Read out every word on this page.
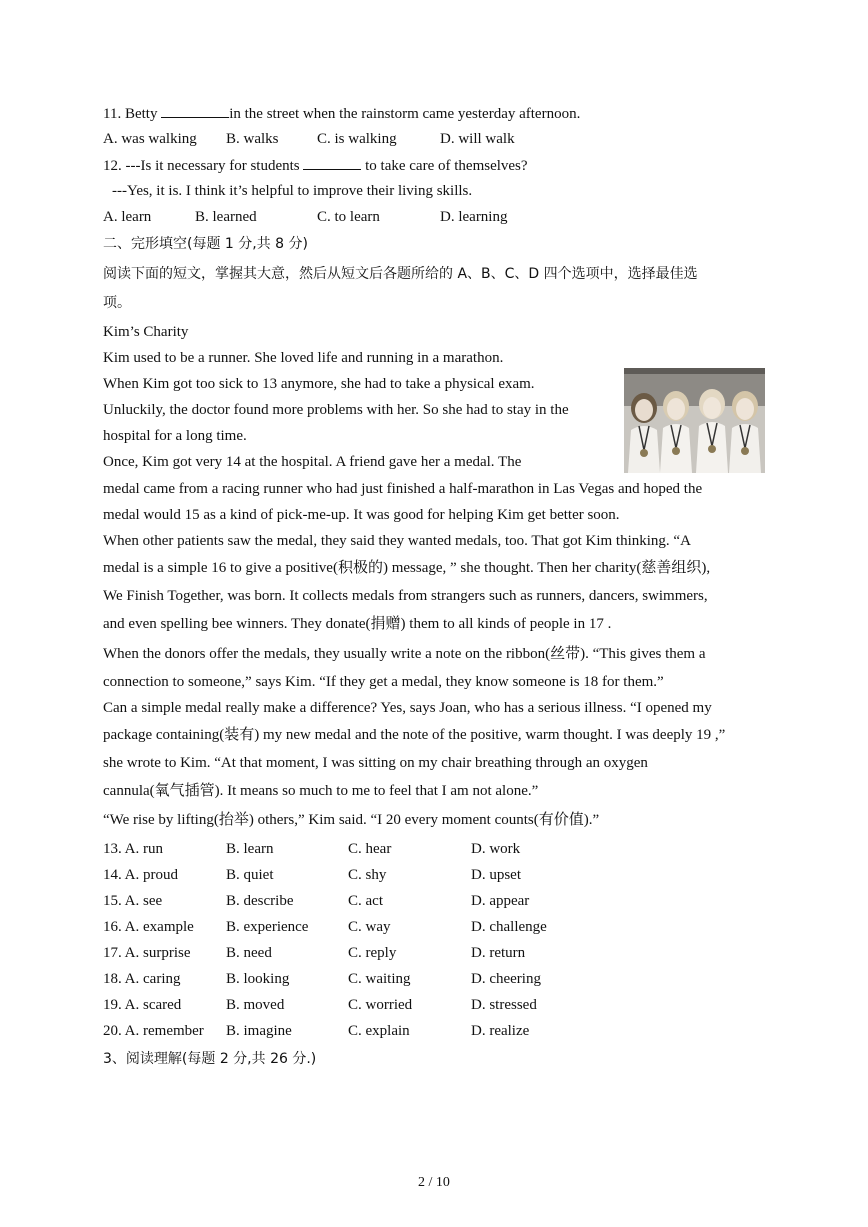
11. Betty	in the street when the rainstorm came yesterday afternoon.
A. was walking B. walks	C. is walking	D. will walk
12. ---Is it necessary for students	to take care of themselves?
---Yes, it is. I think it’s helpful to improve their living skills.
A. learn	B. learned	C. to learn	D. learning
二、完形填空(每题 1 分,共 8 分)
阅读下面的短文，掌握其大意，然后从短文后各题所给的 A、B、C、D 四个选项中，选择最佳选
项。
Kim’s Charity
Kim used to be a runner. She loved life and running in a marathon.
When Kim got too sick to 13 anymore, she had to take a physical exam.
Unluckily, the doctor found more problems with her. So she had to stay in the
hospital for a long time.
Once, Kim got very 14 at the hospital. A friend gave her a medal. The
medal came from a racing runner who had just finished a half-marathon in Las Vegas and hoped the
medal would 15 as a kind of pick-me-up. It was good for helping Kim get better soon.
When other patients saw the medal, they said they wanted medals, too. That got Kim thinking. “A
medal is a simple 16 to give a positive(积极的) message, ” she thought. Then her charity(慈善组织),
We Finish Together, was born. It collects medals from strangers such as runners, dancers, swimmers,
and even spelling bee winners. They donate(捐赠) them to all kinds of people in 17 .
When the donors offer the medals, they usually write a note on the ribbon(丝带). “This gives them a
connection to someone,” says Kim. “If they get a medal, they know someone is 18 for them.”
Can a simple medal really make a difference? Yes, says Joan, who has a serious illness. “I opened my
package containing(装有) my new medal and the note of the positive, warm thought. I was deeply 19 ,”
she wrote to Kim. “At that moment, I was sitting on my chair breathing through an oxygen
cannula(氧气插管). It means so much to me to feel that I am not alone.”
“We rise by lifting(抬举) others,” Kim said. “I 20 every moment counts(有价值).”
13. A. run	B. learn	C. hear	D. work
14. A. proud	B. quiet	C. shy	D. upset
15. A. see	B. describe	C. act	D. appear
16. A. example B. experience	C. way	D. challenge
17. A. surprise B. need	C. reply	D. return
18. A. caring	B. looking	C. waiting	D. cheering
19. A. scared	B. moved	C. worried	D. stressed
20. A. remember B. imagine	C. explain	D. realize
3、阅读理解(每题 2 分,共 26 分.)
2 / 10
